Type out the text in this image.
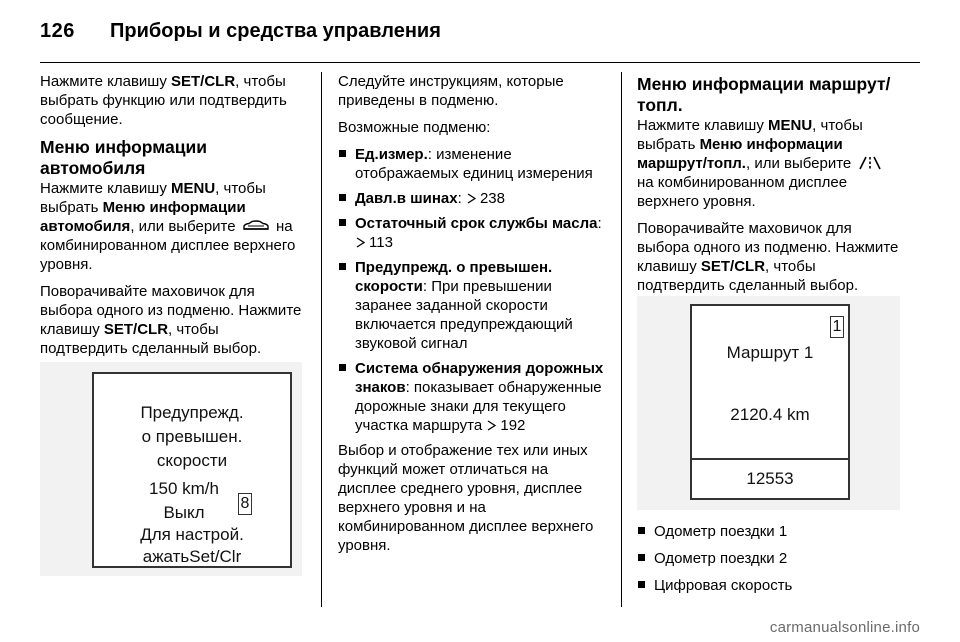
126	Приборы и средства управления

Нажмите клавишу SET/CLR, чтобы выбрать функцию или подтвердить сообщение.

Меню информации автомобиля

Нажмите клавишу MENU, чтобы выбрать Меню информации автомобиля, или выберите  на комбинированном дисплее верхнего уровня.

Поворачивайте маховичок для выбора одного из подменю. Нажмите клавишу SET/CLR, чтобы подтвердить сделанный выбор.

Предупрежд.
о превышен.
скорости
150 km/h
Выкл
Для настрой.
ажатьSet/Clr
8

Следуйте инструкциям, которые приведены в подменю.

Возможные подменю:

Ед.измер.: изменение отображаемых единиц измерения
Давл.в шинах: 238
Остаточный срок службы масла:
113
Предупрежд. о превышен. скорости: При превышении заранее заданной скорости включается предупреждающий звуковой сигнал
Система обнаружения дорожных знаков: показывает обнаруженные дорожные знаки для текущего участка маршрута 192

Выбор и отображение тех или иных функций может отличаться на дисплее среднего уровня, дисплее верхнего уровня и на комбинированном дисплее верхнего уровня.

Меню информации маршрут/топл.

Нажмите клавишу MENU, чтобы выбрать Меню информации маршрут/топл., или выберите  на комбинированном дисплее верхнего уровня.

Поворачивайте маховичок для выбора одного из подменю. Нажмите клавишу SET/CLR, чтобы подтвердить сделанный выбор.

1
Маршрут 1
2120.4 km
12553
Одометр поездки 1
Одометр поездки 2
Цифровая скорость
carmanualsonline.info
